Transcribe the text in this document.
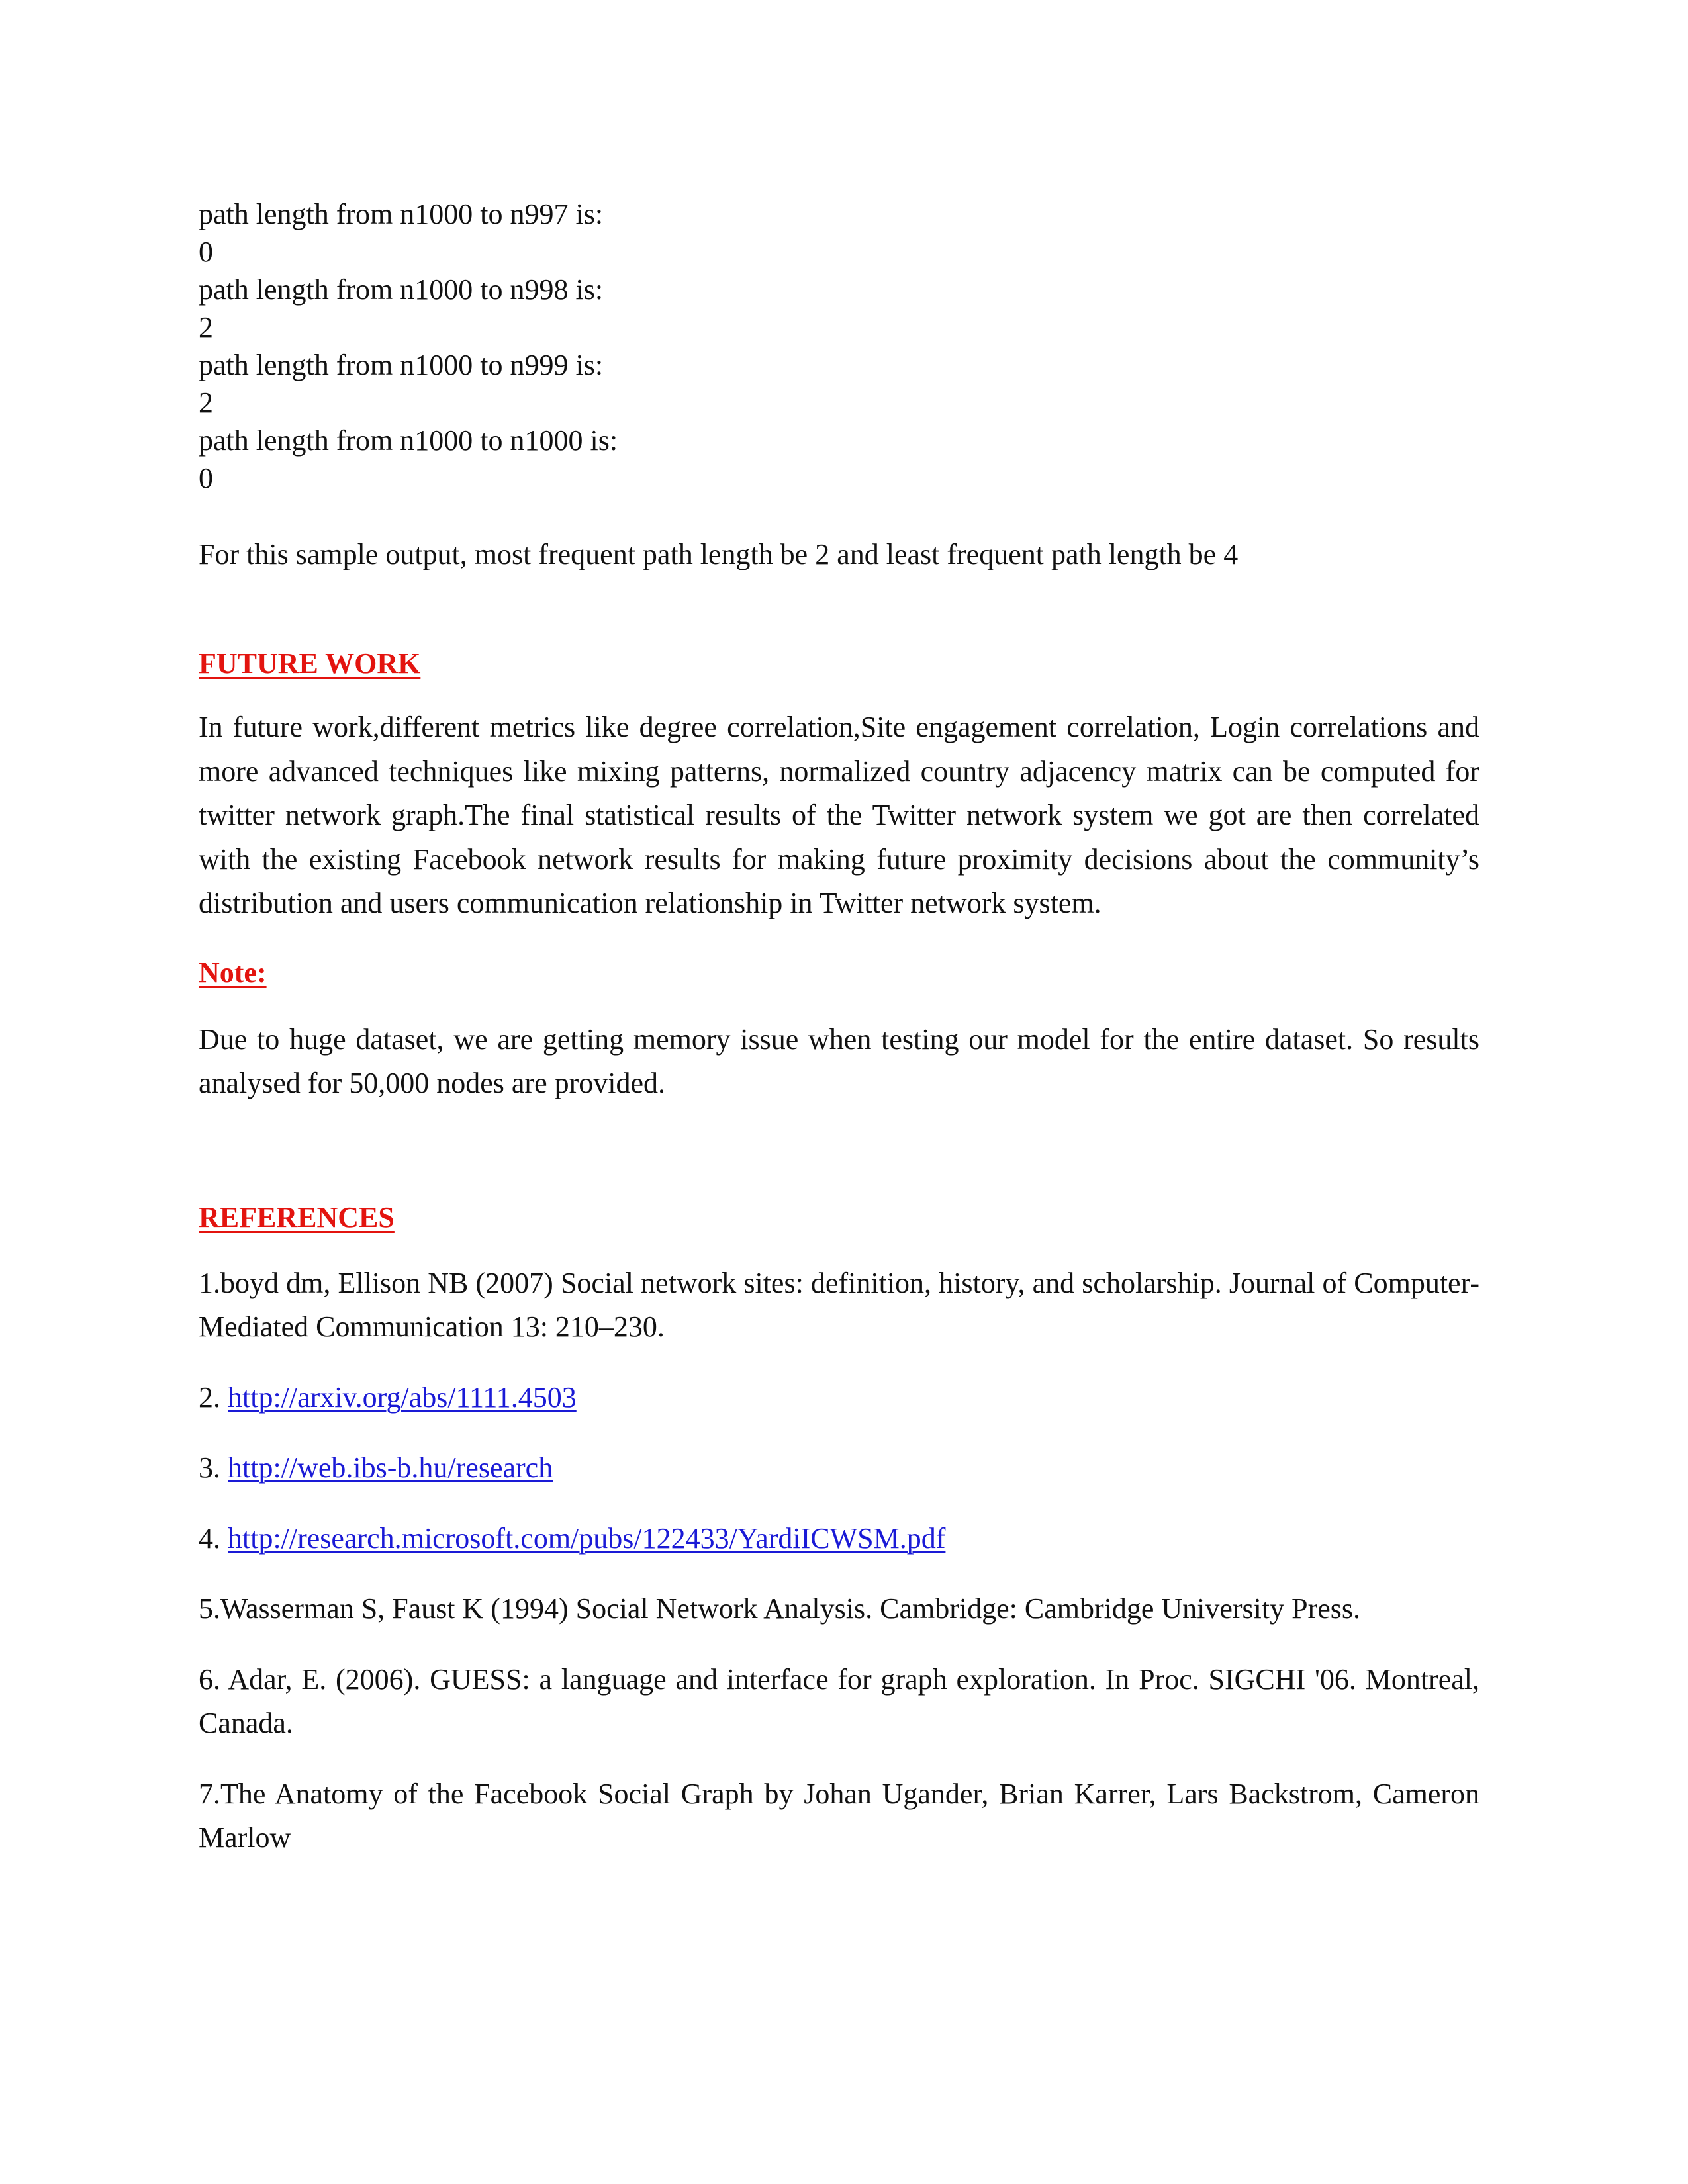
path length from n1000 to n997 is:
0
path length from n1000 to n998 is:
2
path length from n1000 to n999 is:
2
path length from n1000 to n1000 is:
0
For this sample output, most frequent path length be 2 and least frequent path length be 4
FUTURE WORK
In future work,different metrics like degree correlation,Site engagement correlation, Login correlations and more advanced techniques like mixing patterns, normalized country adjacency matrix can be computed for twitter network graph.The final statistical results of the Twitter network system we got are then correlated with the existing Facebook network results for making future proximity decisions about the community’s distribution and users communication relationship in Twitter network system.
Note:
Due to huge dataset, we are getting memory issue when testing our model for the entire dataset. So results analysed for 50,000 nodes are provided.
REFERENCES
1.boyd dm, Ellison NB (2007) Social network sites: definition, history, and scholarship. Journal of Computer-Mediated Communication 13: 210–230.
2. http://arxiv.org/abs/1111.4503
3. http://web.ibs-b.hu/research
4. http://research.microsoft.com/pubs/122433/YardiICWSM.pdf
5.Wasserman S, Faust K (1994) Social Network Analysis. Cambridge: Cambridge University Press.
6. Adar, E. (2006). GUESS: a language and interface for graph exploration. In Proc. SIGCHI '06. Montreal, Canada.
7.The Anatomy of the Facebook Social Graph by Johan Ugander, Brian Karrer, Lars Backstrom, Cameron Marlow
